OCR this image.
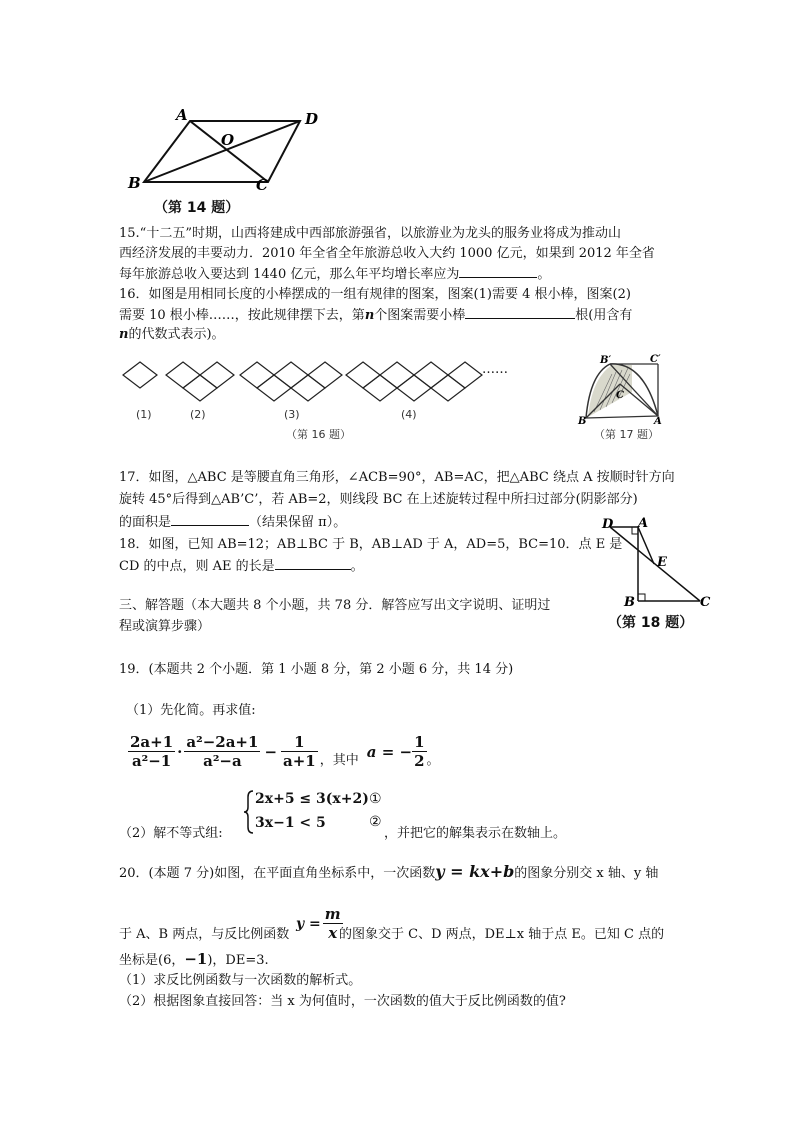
A	D
O
B	C
（第 14 题）
15.“十二五”时期，山西将建成中西部旅游强省，以旅游业为龙头的服务业将成为推动山
西经济发展的丰要动力．2010 年全省全年旅游总收入大约 1000 亿元，如果到 2012 年全省
每年旅游总收入要达到 1440 亿元，那么年平均增长率应为	。
16．如图是用相同长度的小棒摆成的一组有规律的图案，图案(1)需要 4 根小棒，图案(2)
需要 10 根小棒……，按此规律摆下去，第n个图案需要小棒	根(用含有
n的代数式表示)。
(1)	(2)	(3)	(4)
（第 16 题）
……
B′	C′
C
B	A
（第 17 题）
17．如图，△ABC 是等腰直角三角形，∠ACB=90°，AB=AC，把△ABC 绕点 A 按顺时针方向
旋转 45°后得到△AB’C’，若 AB=2，则线段 BC 在上述旋转过程中所扫过部分(阴影部分)
的面积是	（结果保留 π）。
18．如图，已知 AB=12；AB⊥BC 于 B，AB⊥AD 于 A，AD=5，BC=10．点 E 是
CD 的中点，则 AE 的长是	。
D A
E
B	C
（第 18 题）
三、解答题（本大题共 8 个小题，共 78 分．解答应写出文字说明、证明过
程或演算步骤）
19．(本题共 2 个小题．第 1 小题 8 分，第 2 小题 6 分，共 14 分)
（1）先化简。再求值:
$\frac{2a+1}{\text{a²−1}} \cdot \frac{\text{a²−2a+1}}{\text{a²−a}} - \frac{1}{a+1}$ ，其中 a = − $\frac{1}{2}$ 。
2x+5 ≤ 3(x+2)
3x−1 < 5
①
②
（2）解不等式组:	，并把它的解集表示在数轴上。
20．(本题 7 分)如图，在平面直角坐标系中，一次函数y = kx+b的图象分别交 x 轴、y 轴
于 A、B 两点，与反比例函数
$y = \frac{m}{x}$
的图象交于 C、D 两点，DE⊥x 轴于点 E。已知 C 点的
坐标是(6，−1)，DE=3.
（1）求反比例函数与一次函数的解析式。
（2）根据图象直接回答：当 x 为何值时，一次函数的值大于反比例函数的值?
